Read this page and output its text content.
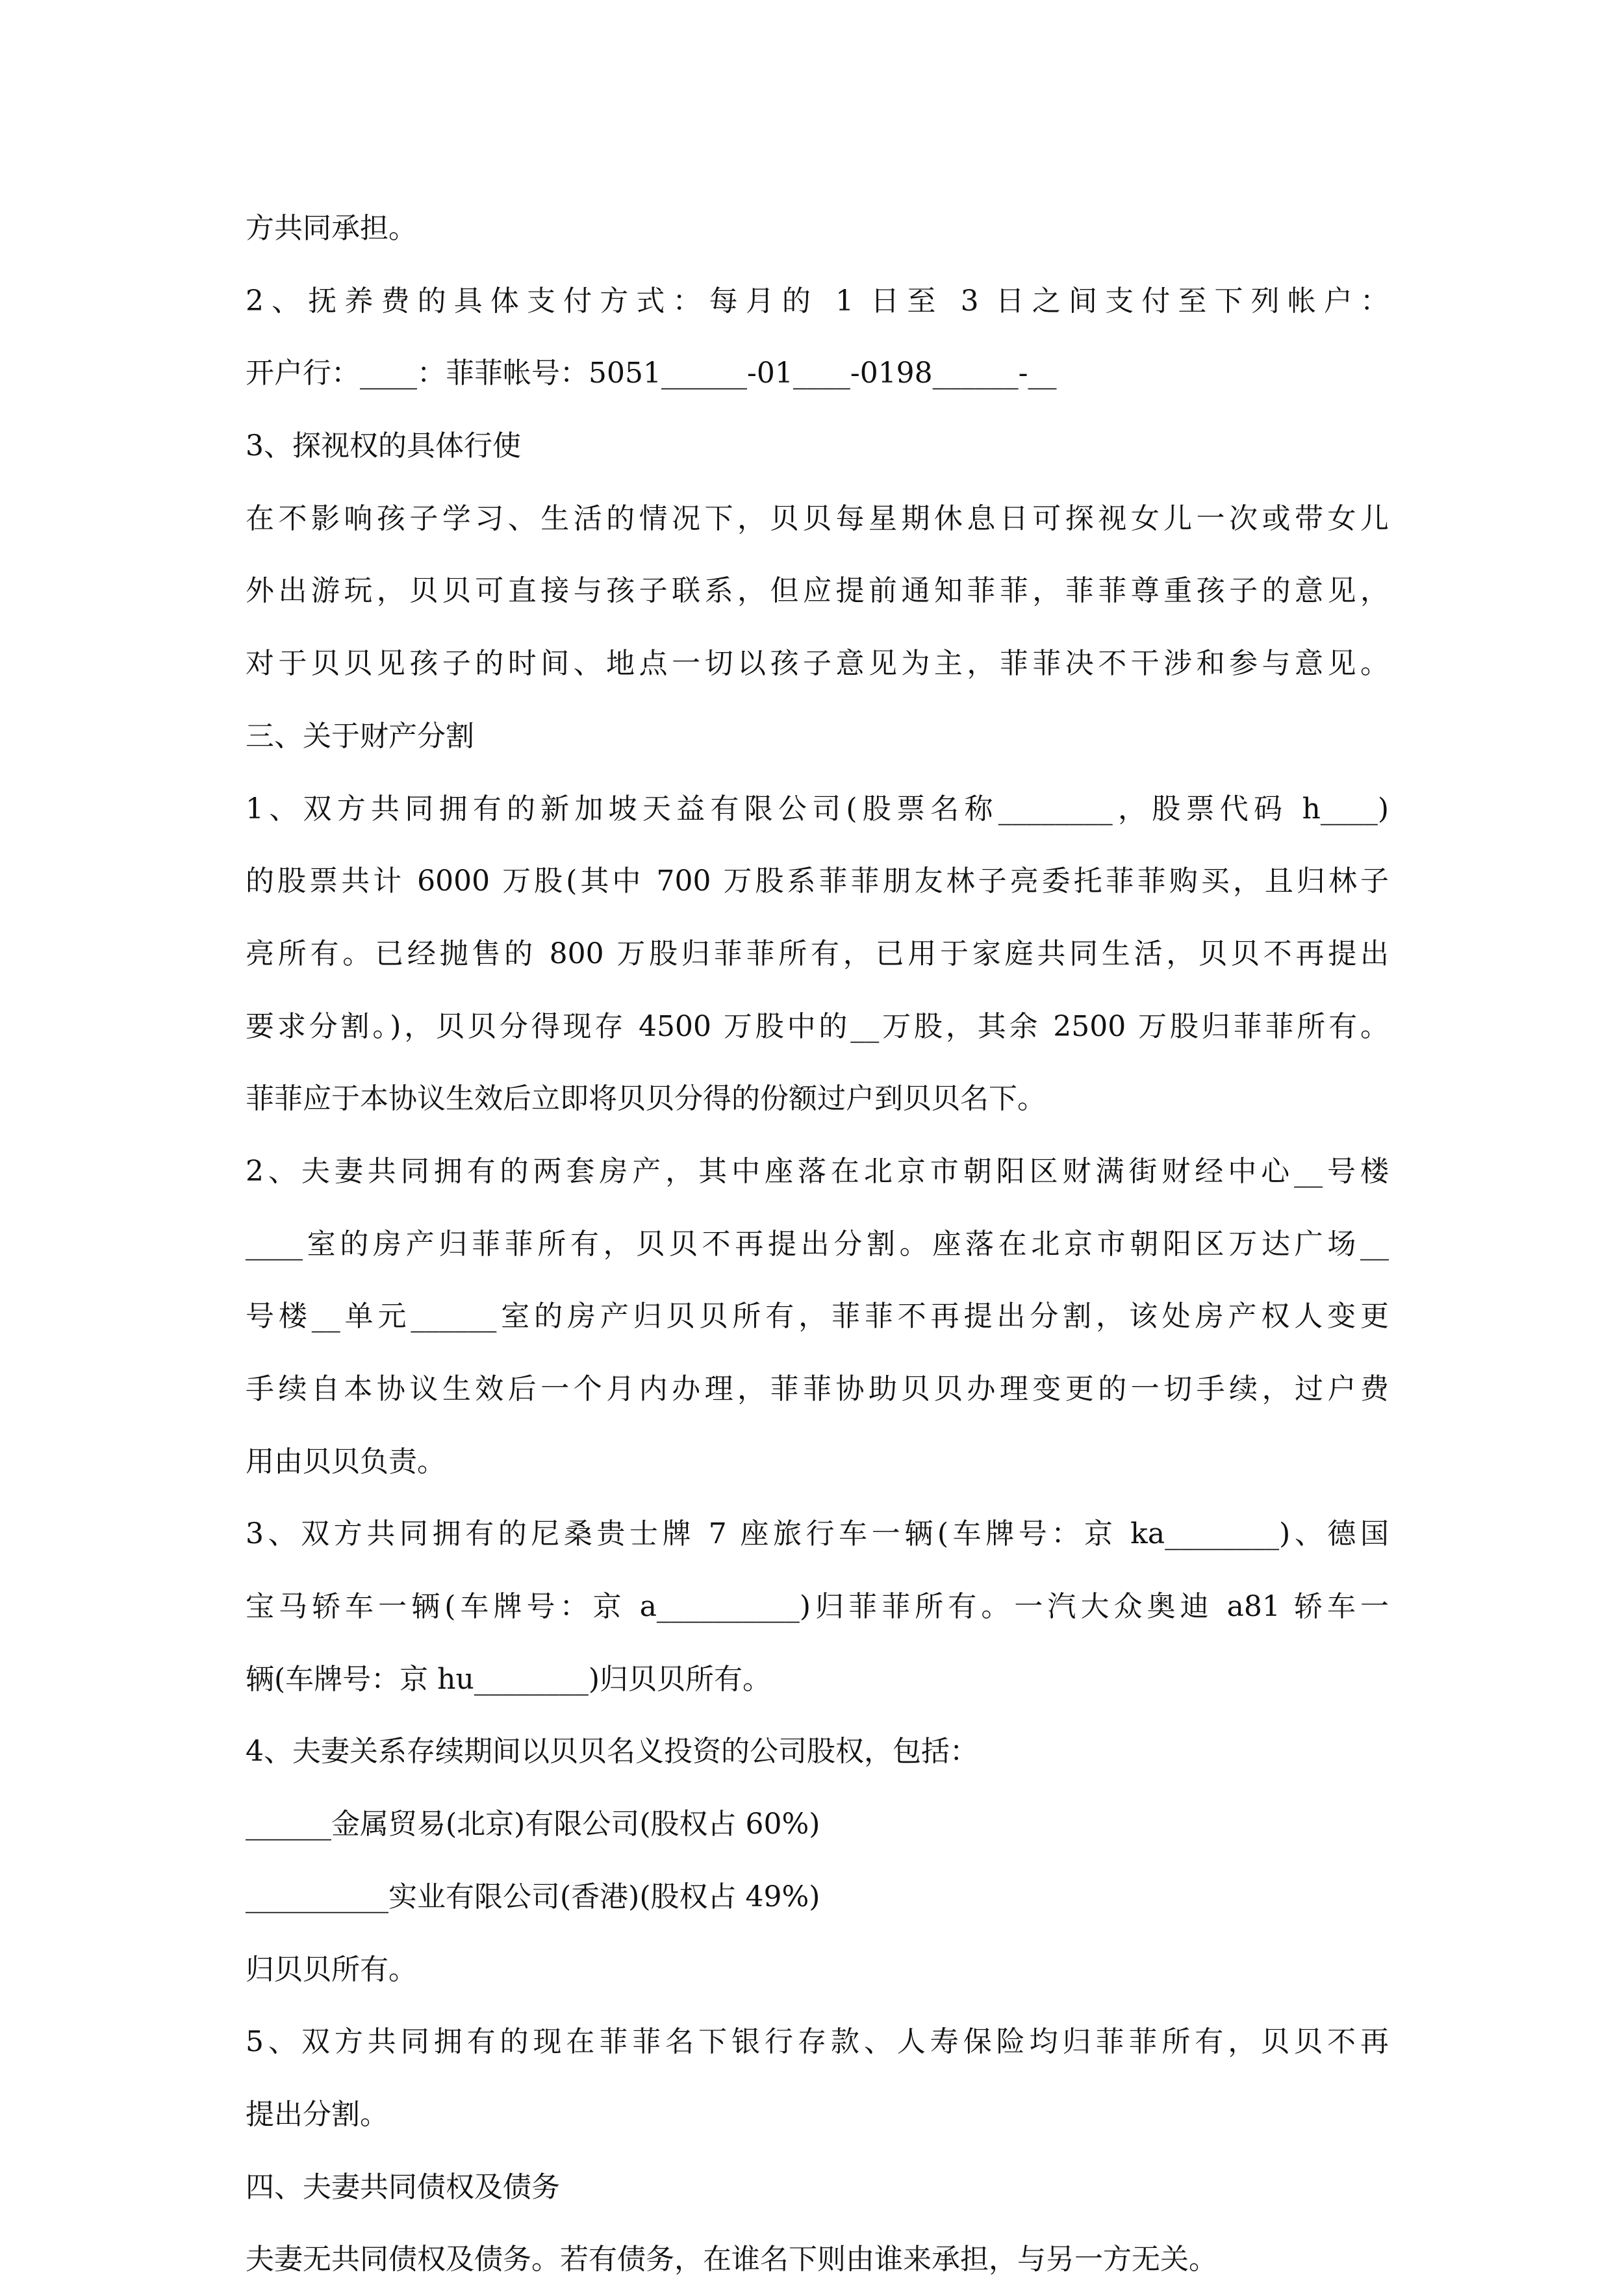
方共同承担。
2、抚养费的具体支付方式：每月的 1 日至 3 日之间支付至下列帐户：
开户行：____：菲菲帐号：5051______-01____-0198______-__
3、探视权的具体行使
在不影响孩子学习、生活的情况下，贝贝每星期休息日可探视女儿一次或带女儿
外出游玩，贝贝可直接与孩子联系，但应提前通知菲菲，菲菲尊重孩子的意见，
对于贝贝见孩子的时间、地点一切以孩子意见为主，菲菲决不干涉和参与意见。
三、关于财产分割
1、双方共同拥有的新加坡天益有限公司(股票名称________，股票代码 h____)
的股票共计 6000 万股(其中 700 万股系菲菲朋友林子亮委托菲菲购买，且归林子
亮所有。已经抛售的 800 万股归菲菲所有，已用于家庭共同生活，贝贝不再提出
要求分割。)，贝贝分得现存 4500 万股中的__万股，其余 2500 万股归菲菲所有。
菲菲应于本协议生效后立即将贝贝分得的份额过户到贝贝名下。
2、夫妻共同拥有的两套房产，其中座落在北京市朝阳区财满街财经中心__号楼
____室的房产归菲菲所有，贝贝不再提出分割。座落在北京市朝阳区万达广场__
号楼__单元______室的房产归贝贝所有，菲菲不再提出分割，该处房产权人变更
手续自本协议生效后一个月内办理，菲菲协助贝贝办理变更的一切手续，过户费
用由贝贝负责。
3、双方共同拥有的尼桑贵士牌 7 座旅行车一辆(车牌号：京 ka________)、德国
宝马轿车一辆(车牌号：京 a__________)归菲菲所有。一汽大众奥迪 a81 轿车一
辆(车牌号：京 hu________)归贝贝所有。
4、夫妻关系存续期间以贝贝名义投资的公司股权，包括：
______金属贸易(北京)有限公司(股权占 60%)
__________实业有限公司(香港)(股权占 49%)
归贝贝所有。
5、双方共同拥有的现在菲菲名下银行存款、人寿保险均归菲菲所有，贝贝不再
提出分割。
四、夫妻共同债权及债务
夫妻无共同债权及债务。若有债务，在谁名下则由谁来承担，与另一方无关。
